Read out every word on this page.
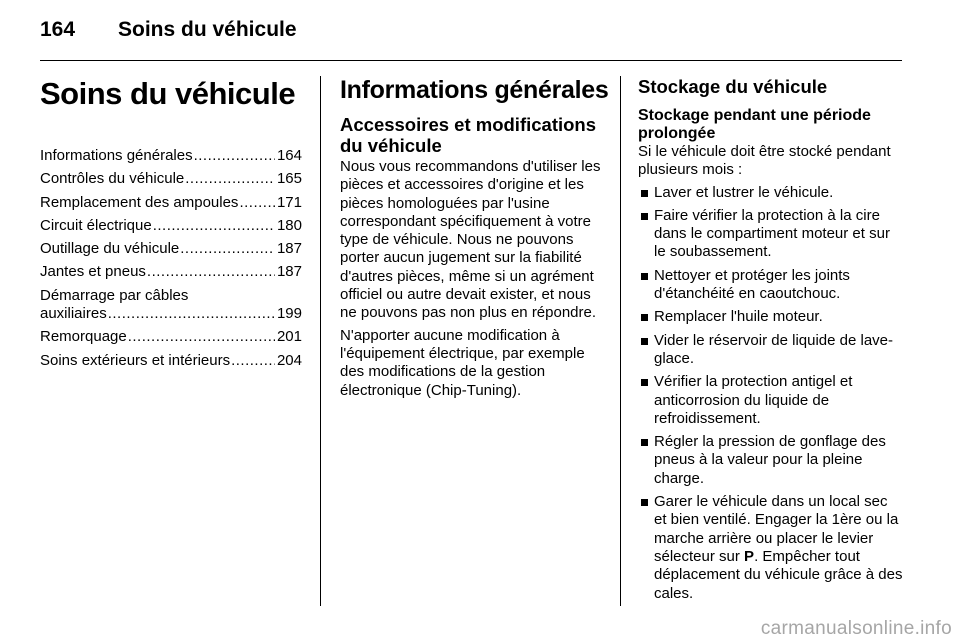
164 Soins du véhicule
Soins du véhicule
Informations générales .....	164
Contrôles du véhicule .....	165
Remplacement des ampoules .....	171
Circuit électrique .....	180
Outillage du véhicule .....	187
Jantes et pneus .....	187
Démarrage par câbles
auxiliaires .....	199
Remorquage .....	201
Soins extérieurs et intérieurs .....	204
Informations générales
Accessoires et modifications du véhicule

Nous vous recommandons d'utiliser les pièces et accessoires d'origine et les pièces homologuées par l'usine correspondant spécifiquement à votre type de véhicule. Nous ne pouvons porter aucun jugement sur la fiabilité d'autres pièces, même si un agrément officiel ou autre devait exister, et nous ne pouvons pas non plus en répondre.

N'apporter aucune modification à l'équipement électrique, par exemple des modifications de la gestion électronique (Chip-Tuning).

Stockage du véhicule
Stockage pendant une période prolongée

Si le véhicule doit être stocké pendant plusieurs mois :

Laver et lustrer le véhicule.
Faire vérifier la protection à la cire dans le compartiment moteur et sur le soubassement.
Nettoyer et protéger les joints d'étanchéité en caoutchouc.
Remplacer l'huile moteur.
Vider le réservoir de liquide de lave-glace.
Vérifier la protection antigel et anticorrosion du liquide de refroidissement.
Régler la pression de gonflage des pneus à la valeur pour la pleine charge.
Garer le véhicule dans un local sec et bien ventilé. Engager la 1ère ou la marche arrière ou placer le levier sélecteur sur P. Empêcher tout déplacement du véhicule grâce à des cales.
carmanualsonline.info
